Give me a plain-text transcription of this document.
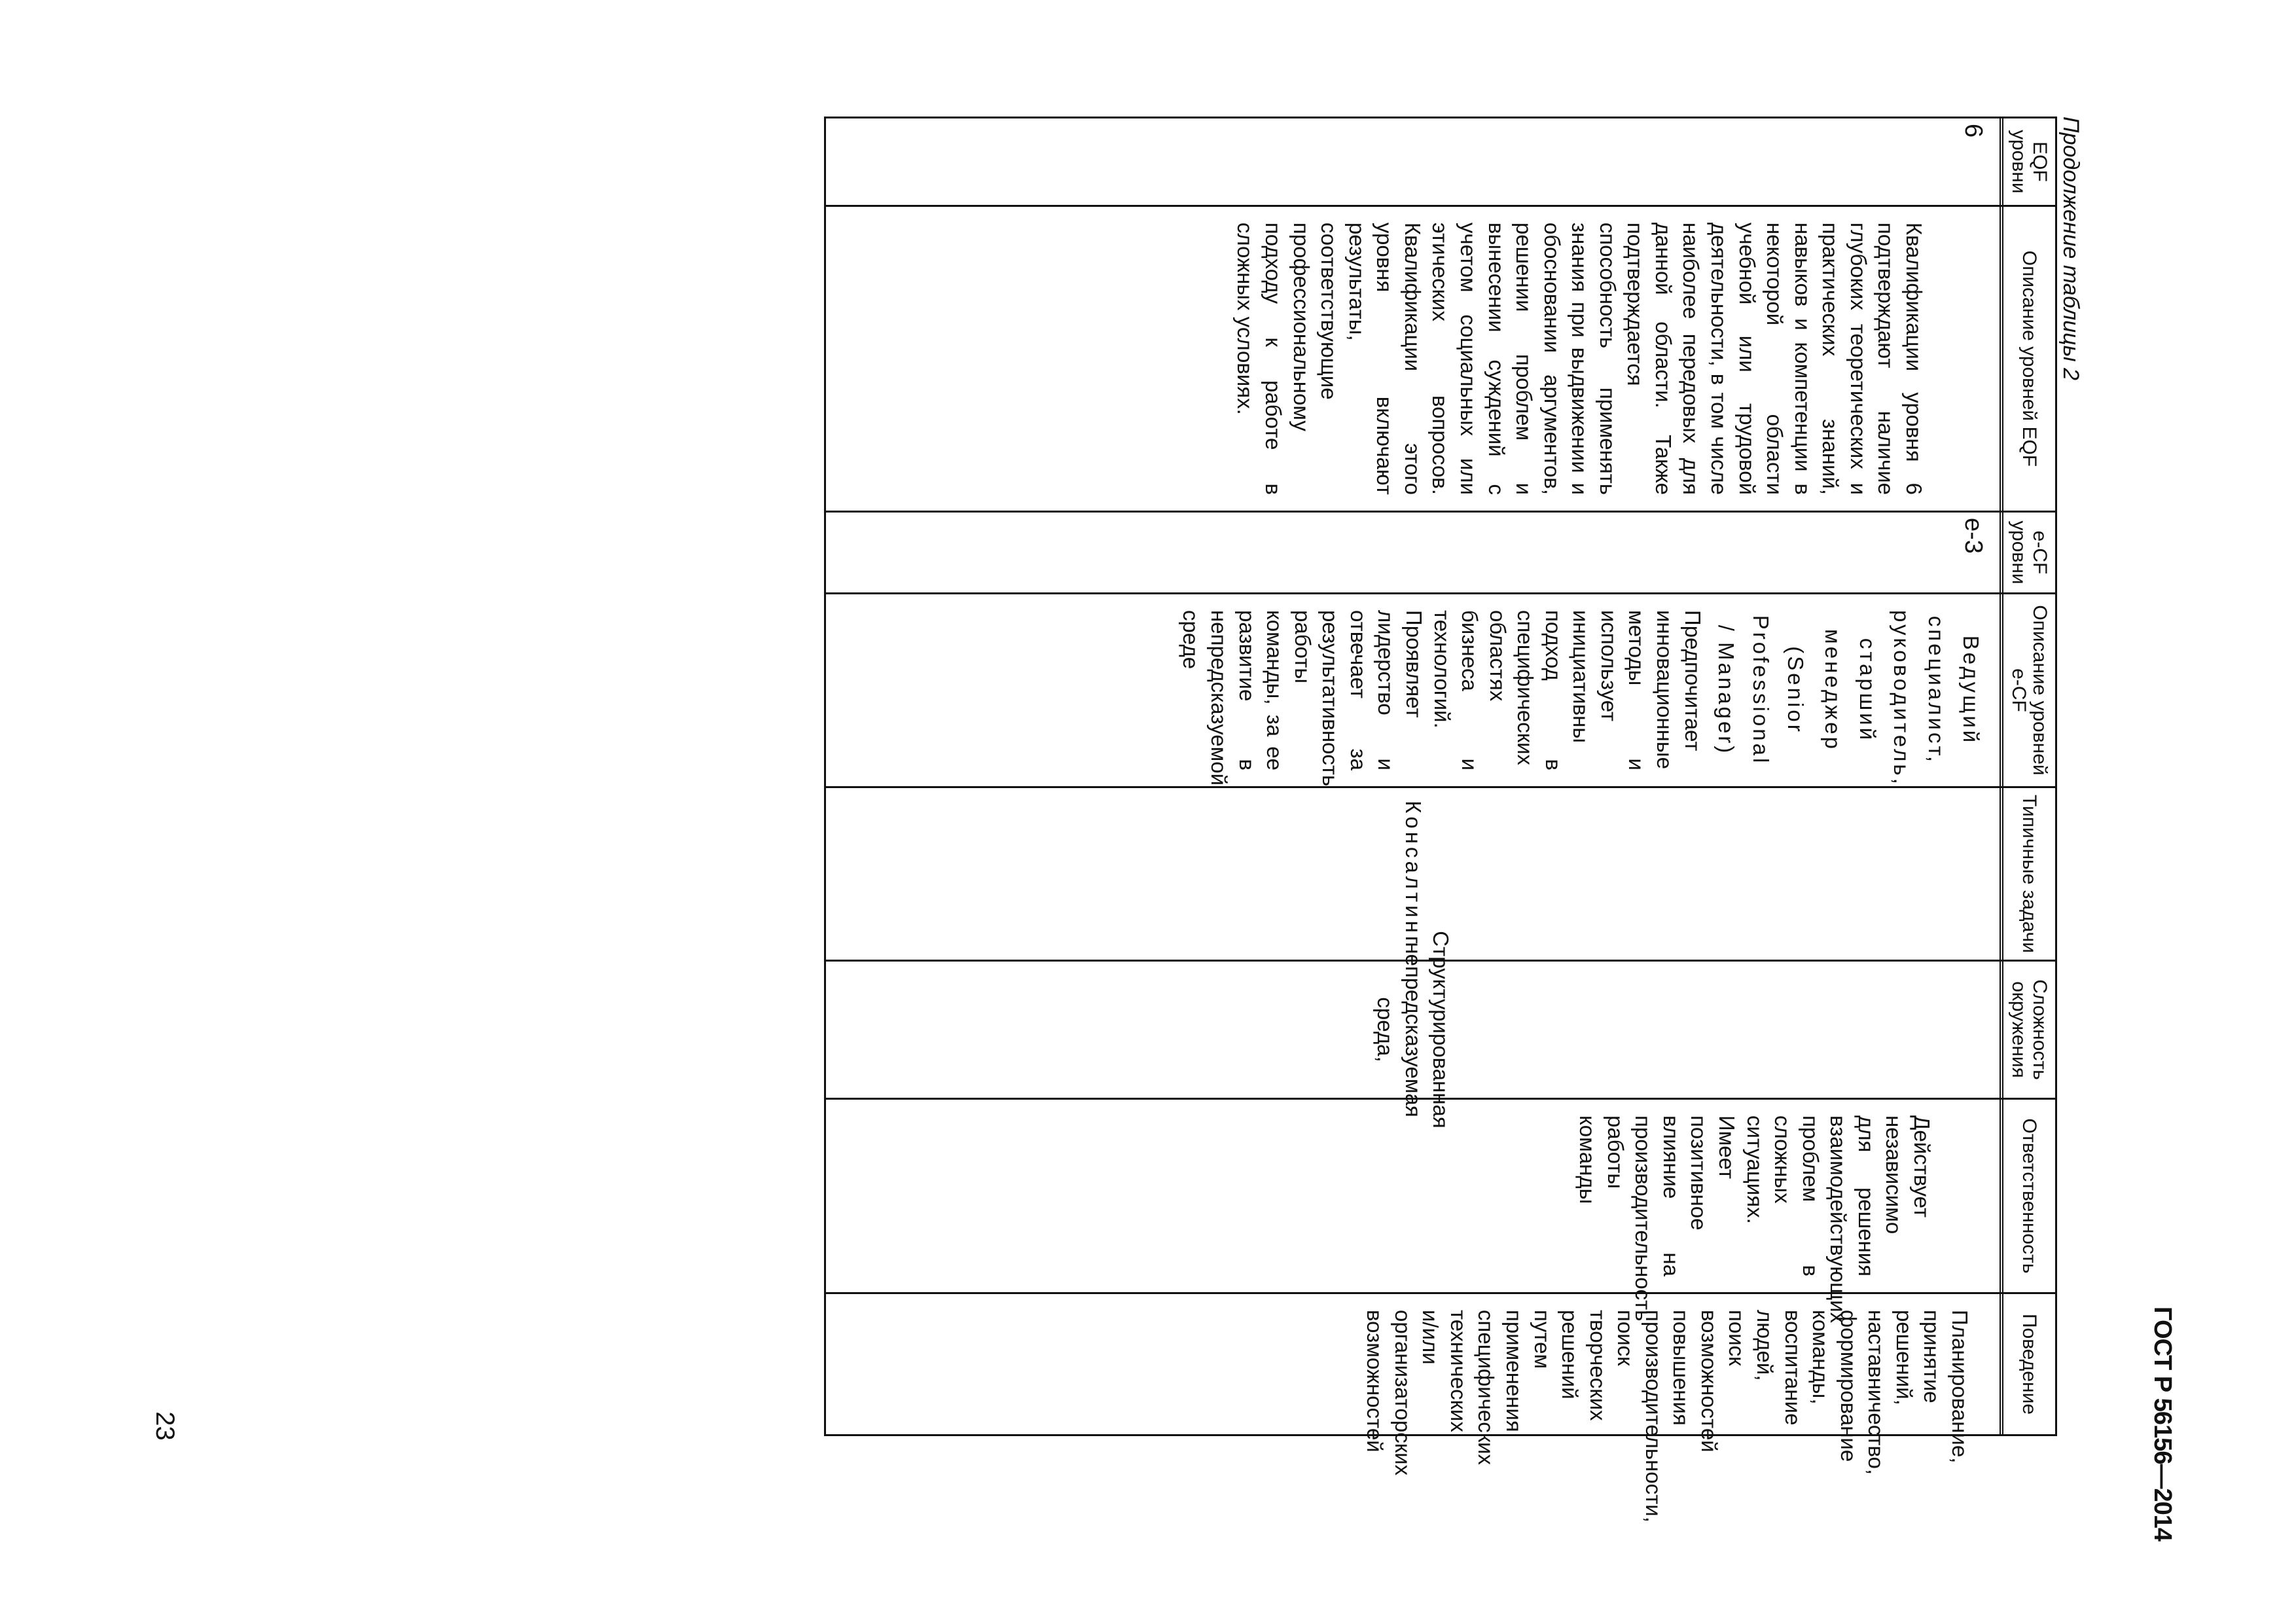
ГОСТ Р 56156—2014
Продолжение таблицы 2
EQF уровни
6
Описание уровней EQF
Квалификации уровня 6 подтверждают наличие глубоких теоретических и практических знаний, навыков и компетенции в некоторой области учебной или трудовой деятельности, в том числе наиболее передовых для данной области. Также подтверждается способность применять знания при выдвижении и обосновании аргументов, решении проблем и вынесении суждений с учетом социальных или этических вопросов. Квалификации этого уровня включают результаты, соответствующие профессиональному подходу к работе в сложных условиях.
e-CF уровни
e-3
Описание уровней e-CF
Ведущий специалист, руководитель, старший менеджер
(Senior Professional / Manager)
Предпочитает инновационные методы и использует инициативны подход в специфических областях бизнеса и технологий. Проявляет лидерство и отвечает за результативность работы команды, за ее развитие в непредсказуемой среде
Типичные задачи
Консалтинг
Сложность окружения
Структурированная непредсказуемая среда,
Ответственность
Действует независимо для решения взаимодействующих проблем в сложных ситуациях. Имеет позитивное влияние на производительность работы команды
Поведение
Планирование, принятие решений, наставничество, формирование команды, воспитание людей, поиск возможностей повышения производительности, поиск творческих решений путем применения специфических технических и/или организаторских возможностей
23
